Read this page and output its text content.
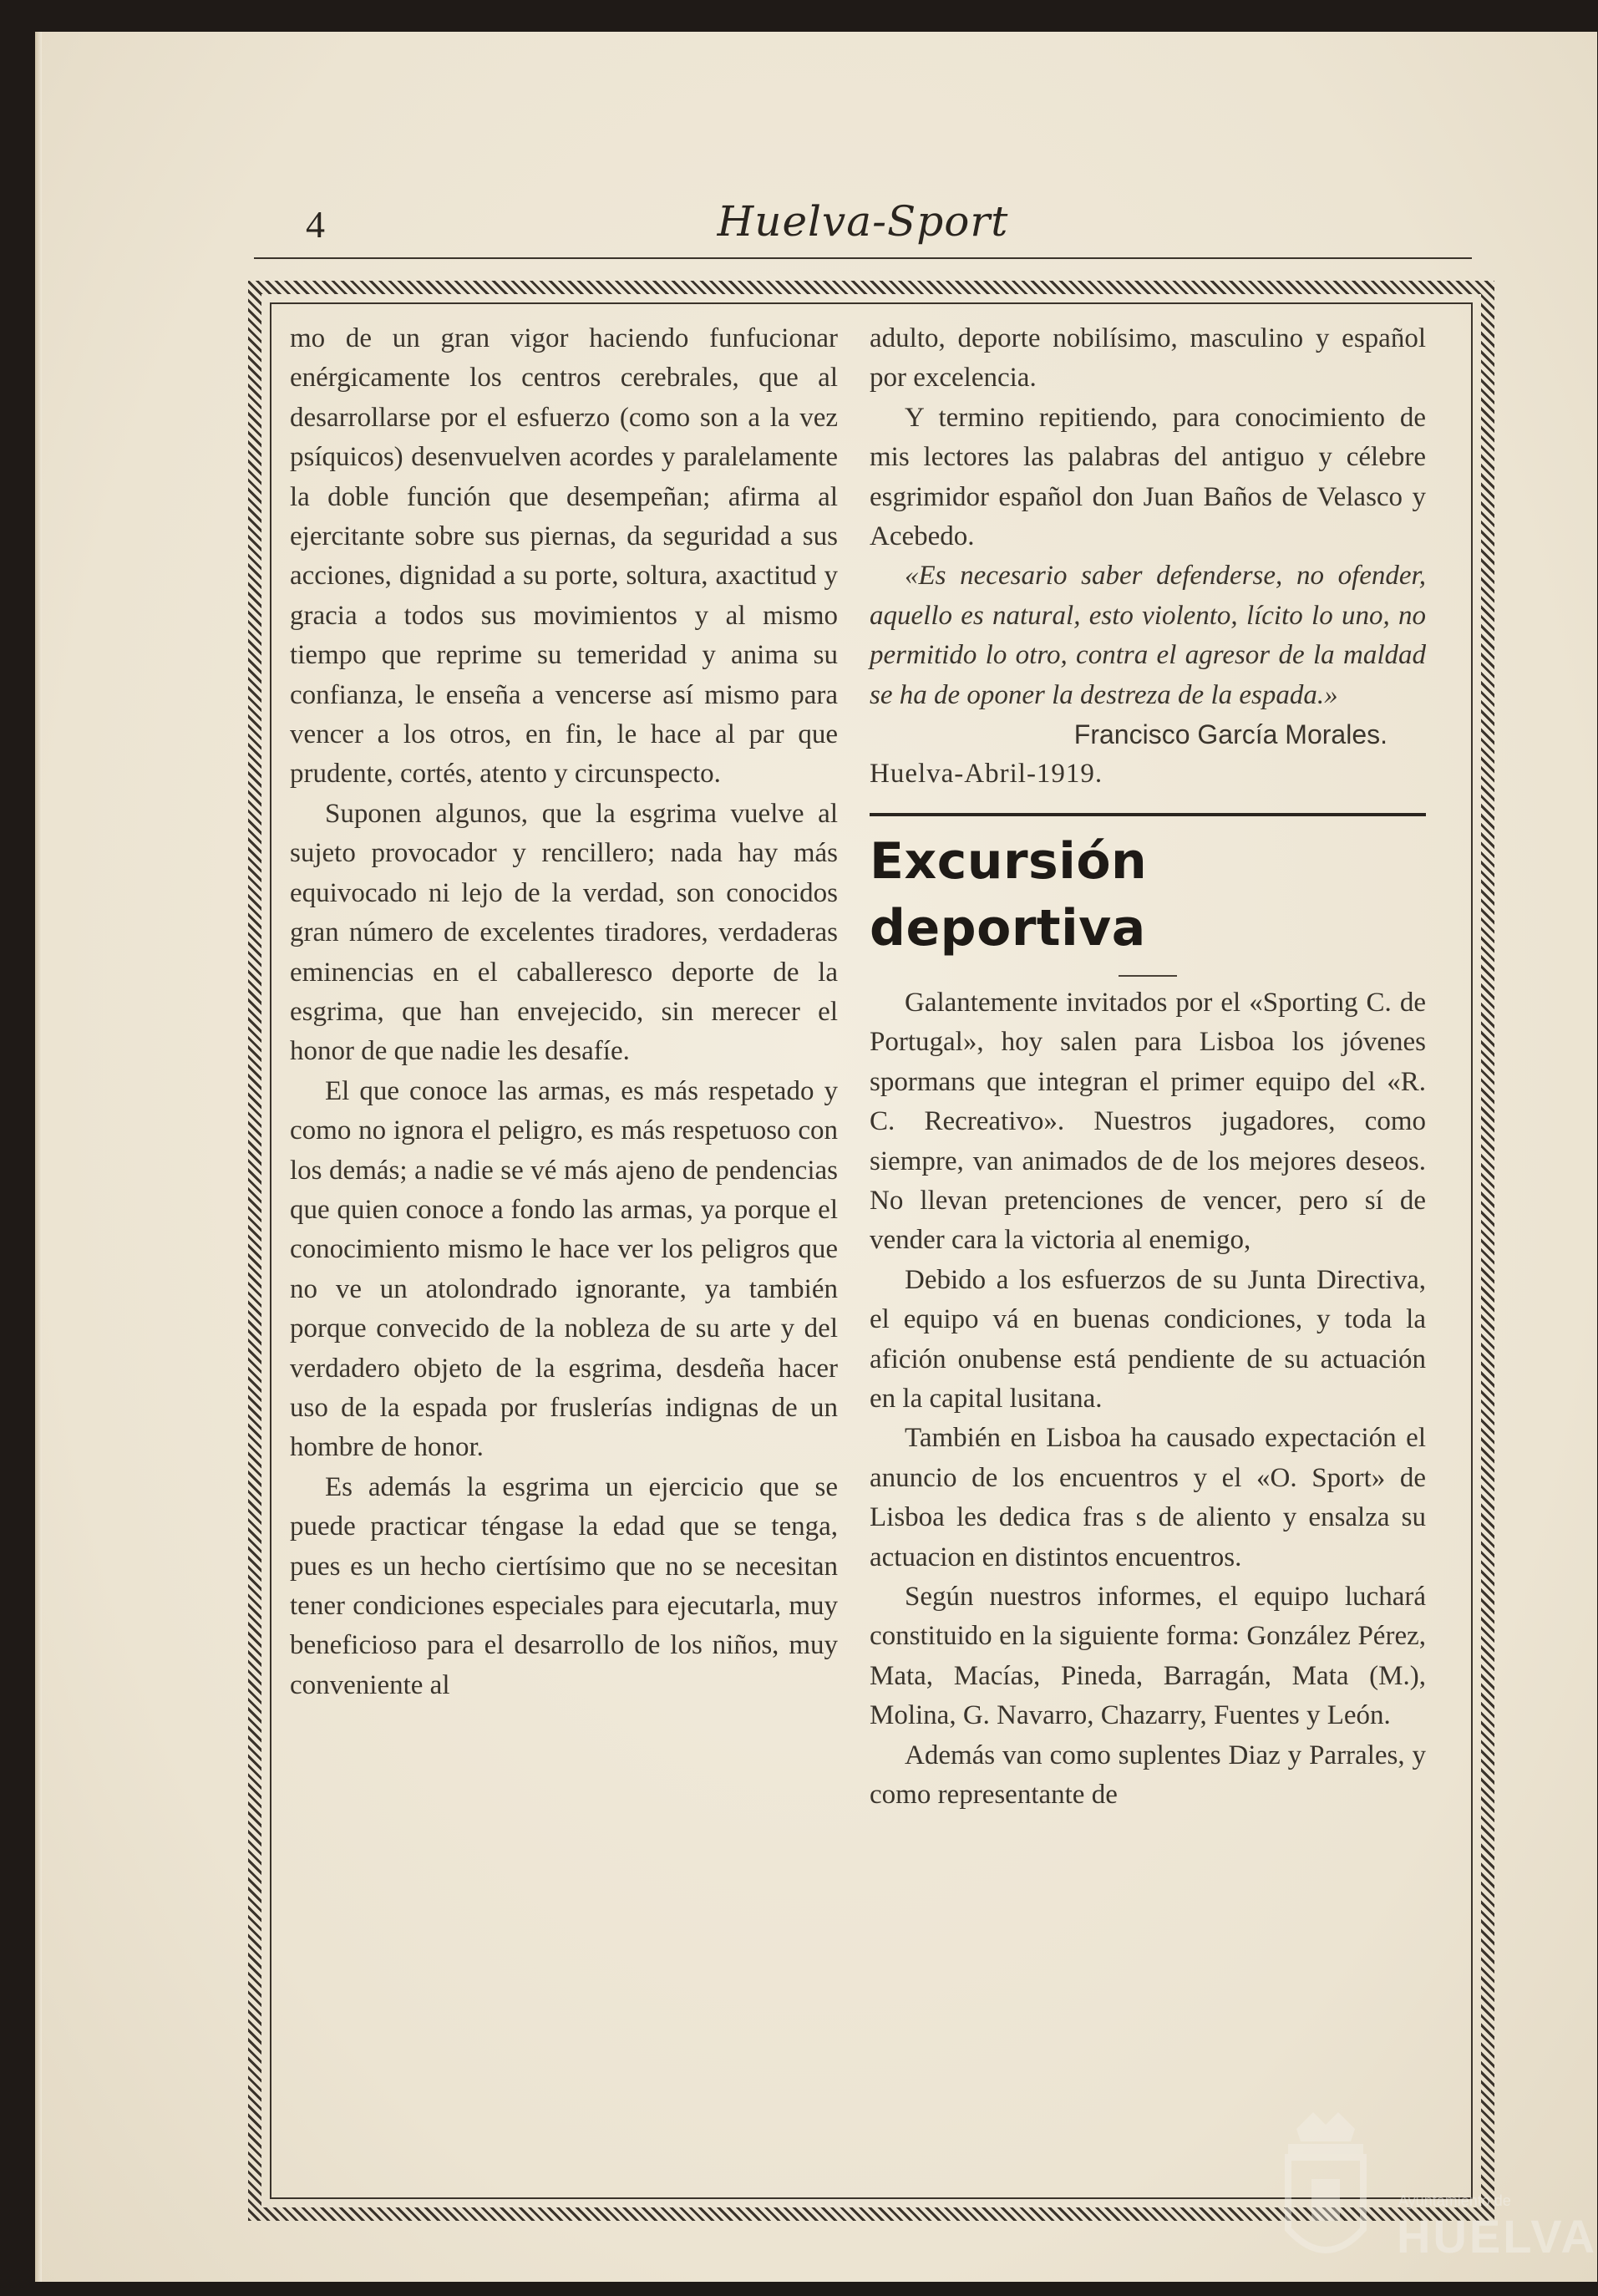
4	Huelva-Sport

mo de un gran vigor haciendo funfucionar enérgicamente los centros cerebrales, que al desarrollarse por el esfuerzo (como son a la vez psíquicos) desenvuelven acordes y paralelamente la doble función que desempeñan; afirma al ejercitante sobre sus piernas, da seguridad a sus acciones, dignidad a su porte, soltura, axactitud y gracia a todos sus movimientos y al mismo tiempo que reprime su temeridad y anima su confianza, le enseña a vencerse así mismo para vencer a los otros, en fin, le hace al par que prudente, cortés, atento y circunspecto.

Suponen algunos, que la esgrima vuelve al sujeto provocador y rencillero; nada hay más equivocado ni lejo de la verdad, son conocidos gran número de excelentes tiradores, verdaderas eminencias en el caballeresco deporte de la esgrima, que han envejecido, sin merecer el honor de que nadie les desafíe.

El que conoce las armas, es más respetado y como no ignora el peligro, es más respetuoso con los demás; a nadie se vé más ajeno de pendencias que quien conoce a fondo las armas, ya porque el conocimiento mismo le hace ver los peligros que no ve un atolondrado ignorante, ya también porque convecido de la nobleza de su arte y del verdadero objeto de la esgrima, desdeña hacer uso de la espada por fruslerías indignas de un hombre de honor.

Es además la esgrima un ejercicio que se puede practicar téngase la edad que se tenga, pues es un hecho ciertísimo que no se necesitan tener condiciones especiales para ejecutarla, muy beneficioso para el desarrollo de los niños, muy conveniente al

adulto, deporte nobilísimo, masculino y español por excelencia.

Y termino repitiendo, para conocimiento de mis lectores las palabras del antiguo y célebre esgrimidor español don Juan Baños de Velasco y Acebedo.

«Es necesario saber defenderse, no ofender, aquello es natural, esto violento, lícito lo uno, no permitido lo otro, contra el agresor de la maldad se ha de oponer la destreza de la espada.»

Francisco García Morales.

Huelva-Abril-1919.

Excursión deportiva

Galantemente invitados por el «Sporting C. de Portugal», hoy salen para Lisboa los jóvenes spormans que integran el primer equipo del «R. C. Recreativo». Nuestros jugadores, como siempre, van animados de de los mejores deseos. No llevan pretenciones de vencer, pero sí de vender cara la victoria al enemigo,

Debido a los esfuerzos de su Junta Directiva, el equipo vá en buenas condiciones, y toda la afición onubense está pendiente de su actuación en la capital lusitana.

También en Lisboa ha causado expectación el anuncio de los encuentros y el «O. Sport» de Lisboa les dedica fras s de aliento y ensalza su actuacion en distintos encuentros.

Según nuestros informes, el equipo luchará constituido en la siguiente forma: González Pérez, Mata, Macías, Pineda, Barragán, Mata (M.), Molina, G. Navarro, Chazarry, Fuentes y León.

Además van como suplentes Diaz y Parrales, y como representante de

Ayuntamiento de
HUELVA
